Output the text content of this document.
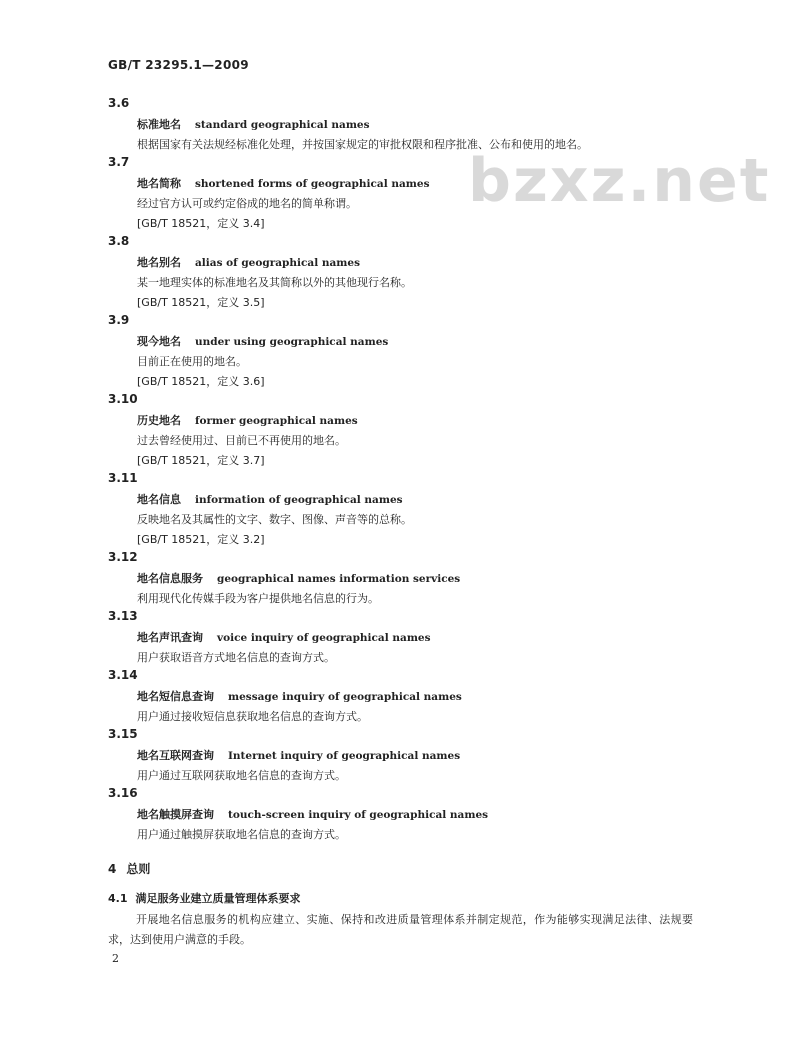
GB/T 23295.1—2009
bzxz.net
3.6
标准地名 standard geographical names
根据国家有关法规经标准化处理，并按国家规定的审批权限和程序批准、公布和使用的地名。
3.7
地名简称 shortened forms of geographical names
经过官方认可或约定俗成的地名的简单称谓。
[GB/T 18521，定义 3.4]
3.8
地名别名 alias of geographical names
某一地理实体的标准地名及其简称以外的其他现行名称。
[GB/T 18521，定义 3.5]
3.9
现今地名 under using geographical names
目前正在使用的地名。
[GB/T 18521，定义 3.6]
3.10
历史地名 former geographical names
过去曾经使用过、目前已不再使用的地名。
[GB/T 18521，定义 3.7]
3.11
地名信息 information of geographical names
反映地名及其属性的文字、数字、图像、声音等的总称。
[GB/T 18521，定义 3.2]
3.12
地名信息服务 geographical names information services
利用现代化传媒手段为客户提供地名信息的行为。
3.13
地名声讯查询 voice inquiry of geographical names
用户获取语音方式地名信息的查询方式。
3.14
地名短信息查询 message inquiry of geographical names
用户通过接收短信息获取地名信息的查询方式。
3.15
地名互联网查询 Internet inquiry of geographical names
用户通过互联网获取地名信息的查询方式。
3.16
地名触摸屏查询 touch-screen inquiry of geographical names
用户通过触摸屏获取地名信息的查询方式。
4 总则
4.1 满足服务业建立质量管理体系要求
开展地名信息服务的机构应建立、实施、保持和改进质量管理体系并制定规范，作为能够实现满足法律、法规要求，达到使用户满意的手段。
2
